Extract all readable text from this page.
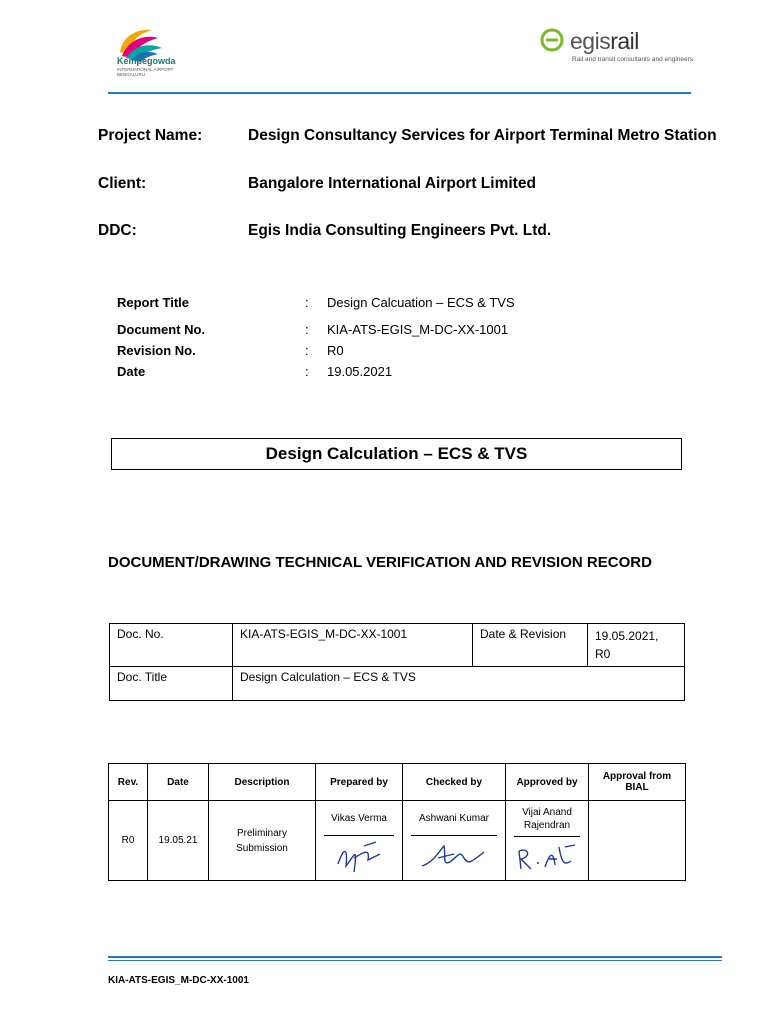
Kempegowda
INTERNATIONAL AIRPORT BENGALURU
egisrail
Rail and transit consultants and engineers
Project Name:	Design Consultancy Services for Airport Terminal Metro Station
Client:	Bangalore International Airport Limited
DDC:	Egis India Consulting Engineers Pvt. Ltd.
Report Title	: Design Calcuation – ECS & TVS
Document No.	: KIA-ATS-EGIS_M-DC-XX-1001
Revision No.	: R0
Date	: 19.05.2021
Design Calculation – ECS & TVS
DOCUMENT/DRAWING TECHNICAL VERIFICATION AND REVISION RECORD
Doc. No.	KIA-ATS-EGIS_M-DC-XX-1001	Date & Revision	19.05.2021,
R0

Doc. Title	Design Calculation – ECS & TVS		
Rev.	Date	Description	Prepared by	Checked by	Approved by	Approval from BIAL
R0	19.05.21	Preliminary Submission	Vikas Verma	Ashwani Kumar	Vijai Anand Rajendran	

KIA-ATS-EGIS_M-DC-XX-1001
